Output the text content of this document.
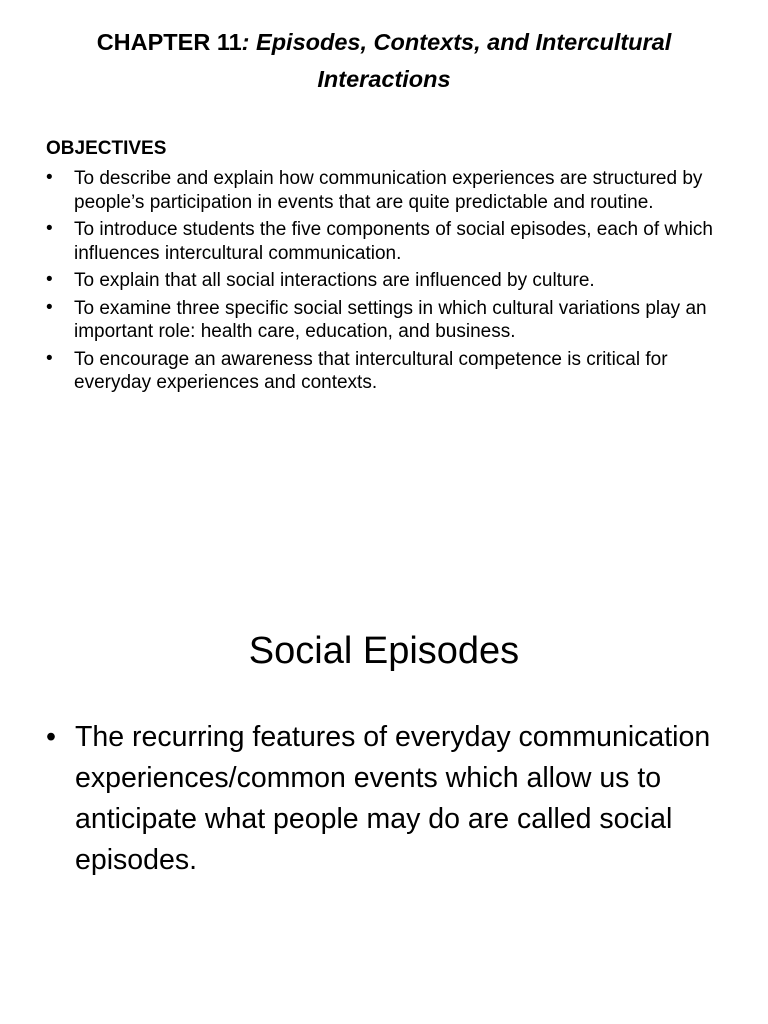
CHAPTER 11: Episodes, Contexts, and Intercultural Interactions
OBJECTIVES
• To describe and explain how communication experiences are structured by people’s participation in events that are quite predictable and routine.
• To introduce students the five components of social episodes, each of which influences intercultural communication.
• To explain that all social interactions are influenced by culture.
• To examine three specific social settings in which cultural variations play an important role: health care, education, and business.
• To encourage an awareness that intercultural competence is critical for everyday experiences and contexts.
Social Episodes
• The recurring features of everyday communication experiences/common events which allow us to anticipate what people may do are called social episodes.
